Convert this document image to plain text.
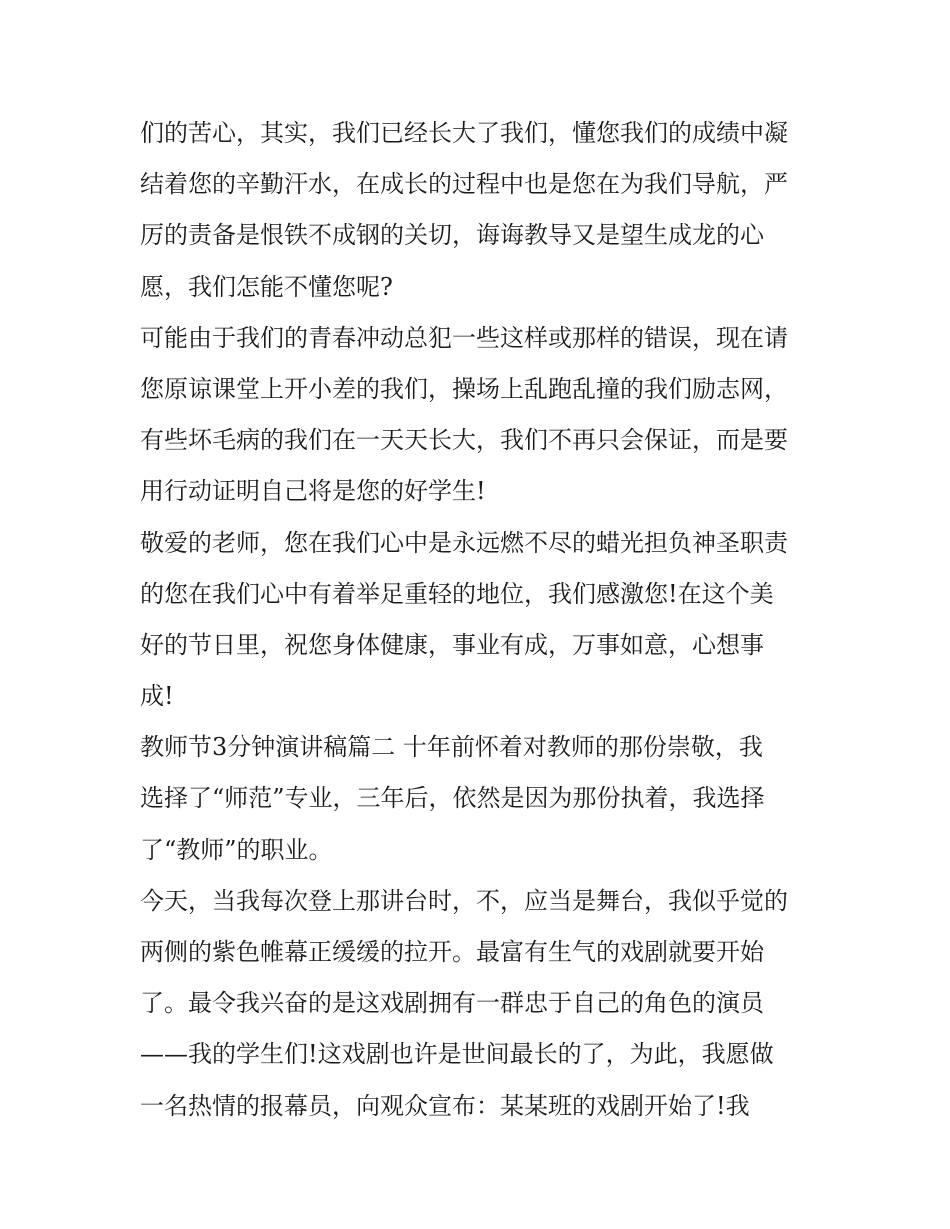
们的苦心，其实，我们已经长大了我们，懂您我们的成绩中凝
结着您的辛勤汗水，在成长的过程中也是您在为我们导航，严
厉的责备是恨铁不成钢的关切，诲诲教导又是望生成龙的心
愿，我们怎能不懂您呢?
可能由于我们的青春冲动总犯一些这样或那样的错误，现在请
您原谅课堂上开小差的我们，操场上乱跑乱撞的我们励志网，
有些坏毛病的我们在一天天长大，我们不再只会保证，而是要
用行动证明自己将是您的好学生!
敬爱的老师，您在我们心中是永远燃不尽的蜡光担负神圣职责
的您在我们心中有着举足重轻的地位，我们感激您!在这个美
好的节日里，祝您身体健康，事业有成，万事如意，心想事
成!
教师节3分钟演讲稿篇二 十年前怀着对教师的那份崇敬，我
选择了“师范”专业，三年后，依然是因为那份执着，我选择
了“教师”的职业。
今天，当我每次登上那讲台时，不，应当是舞台，我似乎觉的
两侧的紫色帷幕正缓缓的拉开。最富有生气的戏剧就要开始
了。最令我兴奋的是这戏剧拥有一群忠于自己的角色的演员
——我的学生们!这戏剧也许是世间最长的了，为此，我愿做
一名热情的报幕员，向观众宣布：某某班的戏剧开始了!我
